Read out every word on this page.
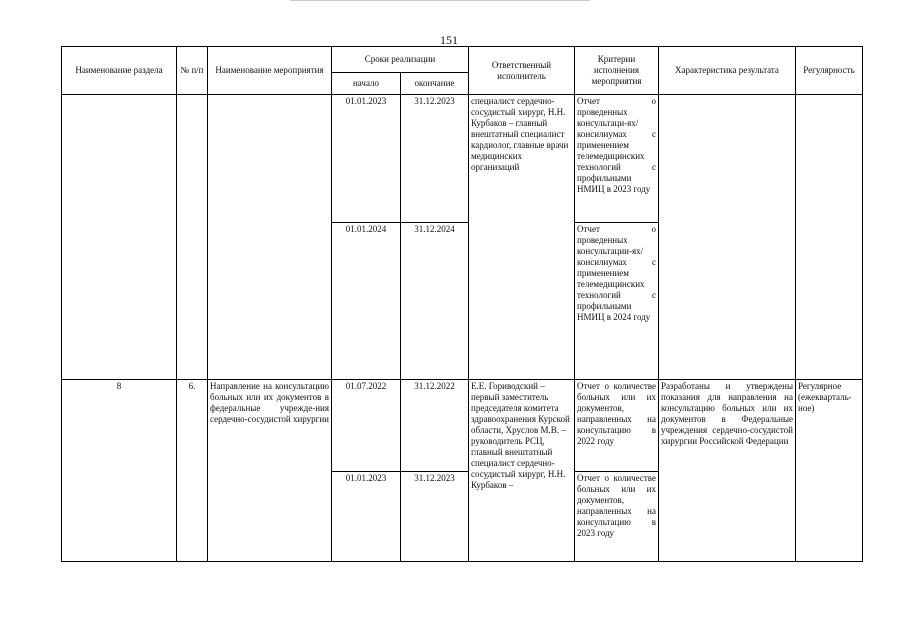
151
Наименование раздела	№ п/п	Наименование мероприятия	Сроки реализации		Ответственный исполнитель	Критерии исполнения мероприятия	Характеристика результата	Регулярность
			начало	окончание				
			01.01.2023	31.12.2023	специалист сердечно-сосудистый хирург, Н.Н. Курбаков – главный внештатный специалист кардиолог, главные врачи медицинских организаций	Отчет о проведенных консультаци-ях/консилиумах с применением телемедицинских технологий с профильными НМИЦ в 2023 году		
			01.01.2024	31.12.2024		Отчет о проведенных консультации-ях/консилиумах с применением телемедицинских технологий с профильными НМИЦ в 2024 году		
8	6.	Направление на консультацию больных или их документов в федеральные учрежде-ния сердечно-сосудистой хирургии	01.07.2022	31.12.2022	Е.Е. Гориводский – первый заместитель председателя комитета здравоохранения Курской области, Хруслов М.В. – руководитель РСЦ, главный внештатный специалист сердечно-сосудистый хирург, Н.Н. Курбаков –	Отчет о количестве больных или их документов, направленных на консультацию в 2022 году	Разработаны и утверждены показания для направления на консультацию больных или их документов в Федеральные учреждения сердечно-сосудистой хирургии Российской Федерации	Регулярное (ежекварталь-ное)
			01.01.2023	31.12.2023		Отчет о количестве больных или их документов, направленных на консультацию в 2023 году		
